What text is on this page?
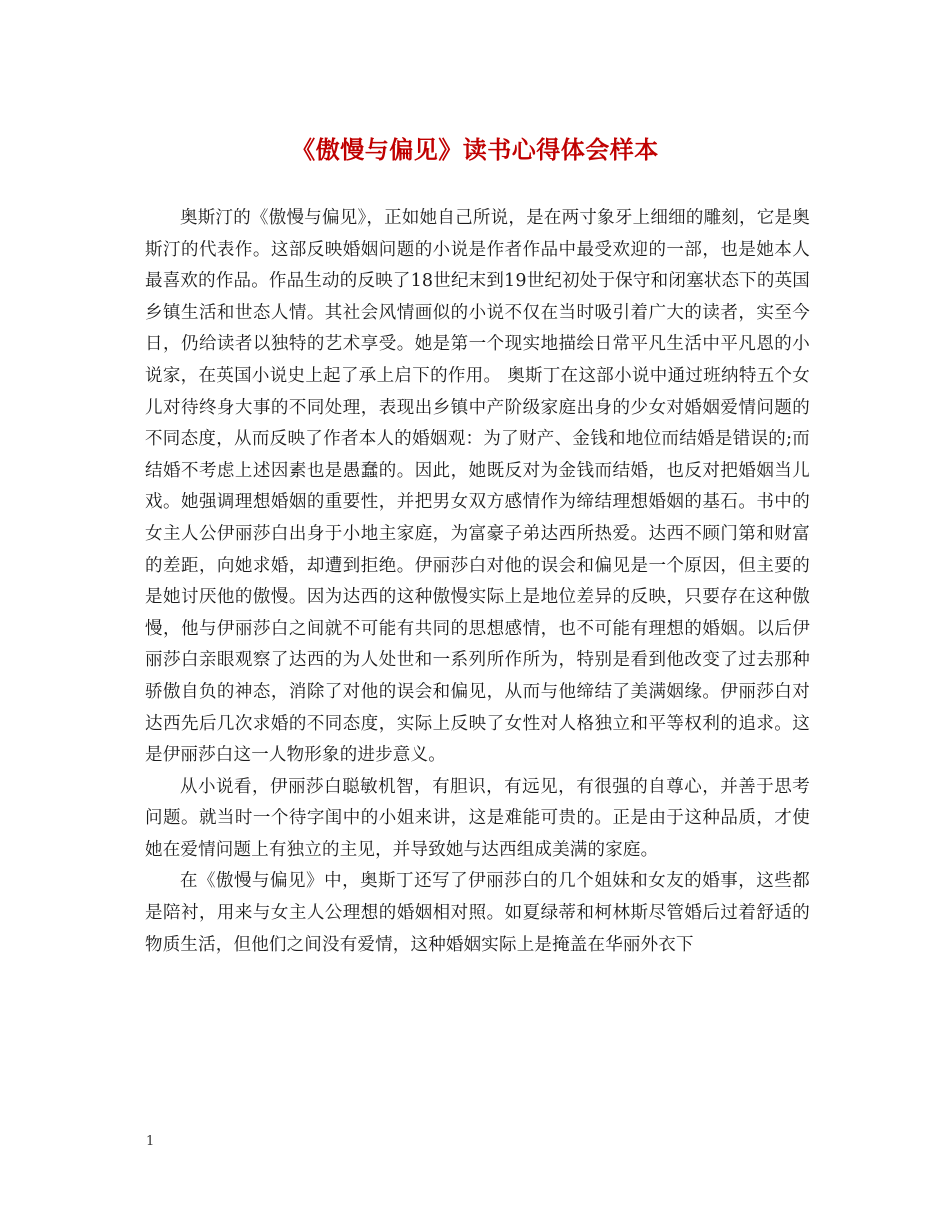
《傲慢与偏见》读书心得体会样本

奥斯汀的《傲慢与偏见》，正如她自己所说，是在两寸象牙上细细的雕刻，它是奥斯汀的代表作。这部反映婚姻问题的小说是作者作品中最受欢迎的一部，也是她本人最喜欢的作品。作品生动的反映了18世纪末到19世纪初处于保守和闭塞状态下的英国乡镇生活和世态人情。其社会风情画似的小说不仅在当时吸引着广大的读者，实至今日，仍给读者以独特的艺术享受。她是第一个现实地描绘日常平凡生活中平凡恩的小说家，在英国小说史上起了承上启下的作用。 奥斯丁在这部小说中通过班纳特五个女儿对待终身大事的不同处理，表现出乡镇中产阶级家庭出身的少女对婚姻爱情问题的不同态度，从而反映了作者本人的婚姻观：为了财产、金钱和地位而结婚是错误的;而结婚不考虑上述因素也是愚蠢的。因此，她既反对为金钱而结婚，也反对把婚姻当儿戏。她强调理想婚姻的重要性，并把男女双方感情作为缔结理想婚姻的基石。书中的女主人公伊丽莎白出身于小地主家庭，为富豪子弟达西所热爱。达西不顾门第和财富的差距，向她求婚，却遭到拒绝。伊丽莎白对他的误会和偏见是一个原因，但主要的是她讨厌他的傲慢。因为达西的这种傲慢实际上是地位差异的反映，只要存在这种傲慢，他与伊丽莎白之间就不可能有共同的思想感情，也不可能有理想的婚姻。以后伊丽莎白亲眼观察了达西的为人处世和一系列所作所为，特别是看到他改变了过去那种骄傲自负的神态，消除了对他的误会和偏见，从而与他缔结了美满姻缘。伊丽莎白对达西先后几次求婚的不同态度，实际上反映了女性对人格独立和平等权利的追求。这是伊丽莎白这一人物形象的进步意义。

从小说看，伊丽莎白聪敏机智，有胆识，有远见，有很强的自尊心，并善于思考问题。就当时一个待字闺中的小姐来讲，这是难能可贵的。正是由于这种品质，才使她在爱情问题上有独立的主见，并导致她与达西组成美满的家庭。

在《傲慢与偏见》中，奥斯丁还写了伊丽莎白的几个姐妹和女友的婚事，这些都是陪衬，用来与女主人公理想的婚姻相对照。如夏绿蒂和柯林斯尽管婚后过着舒适的物质生活，但他们之间没有爱情，这种婚姻实际上是掩盖在华丽外衣下

1
